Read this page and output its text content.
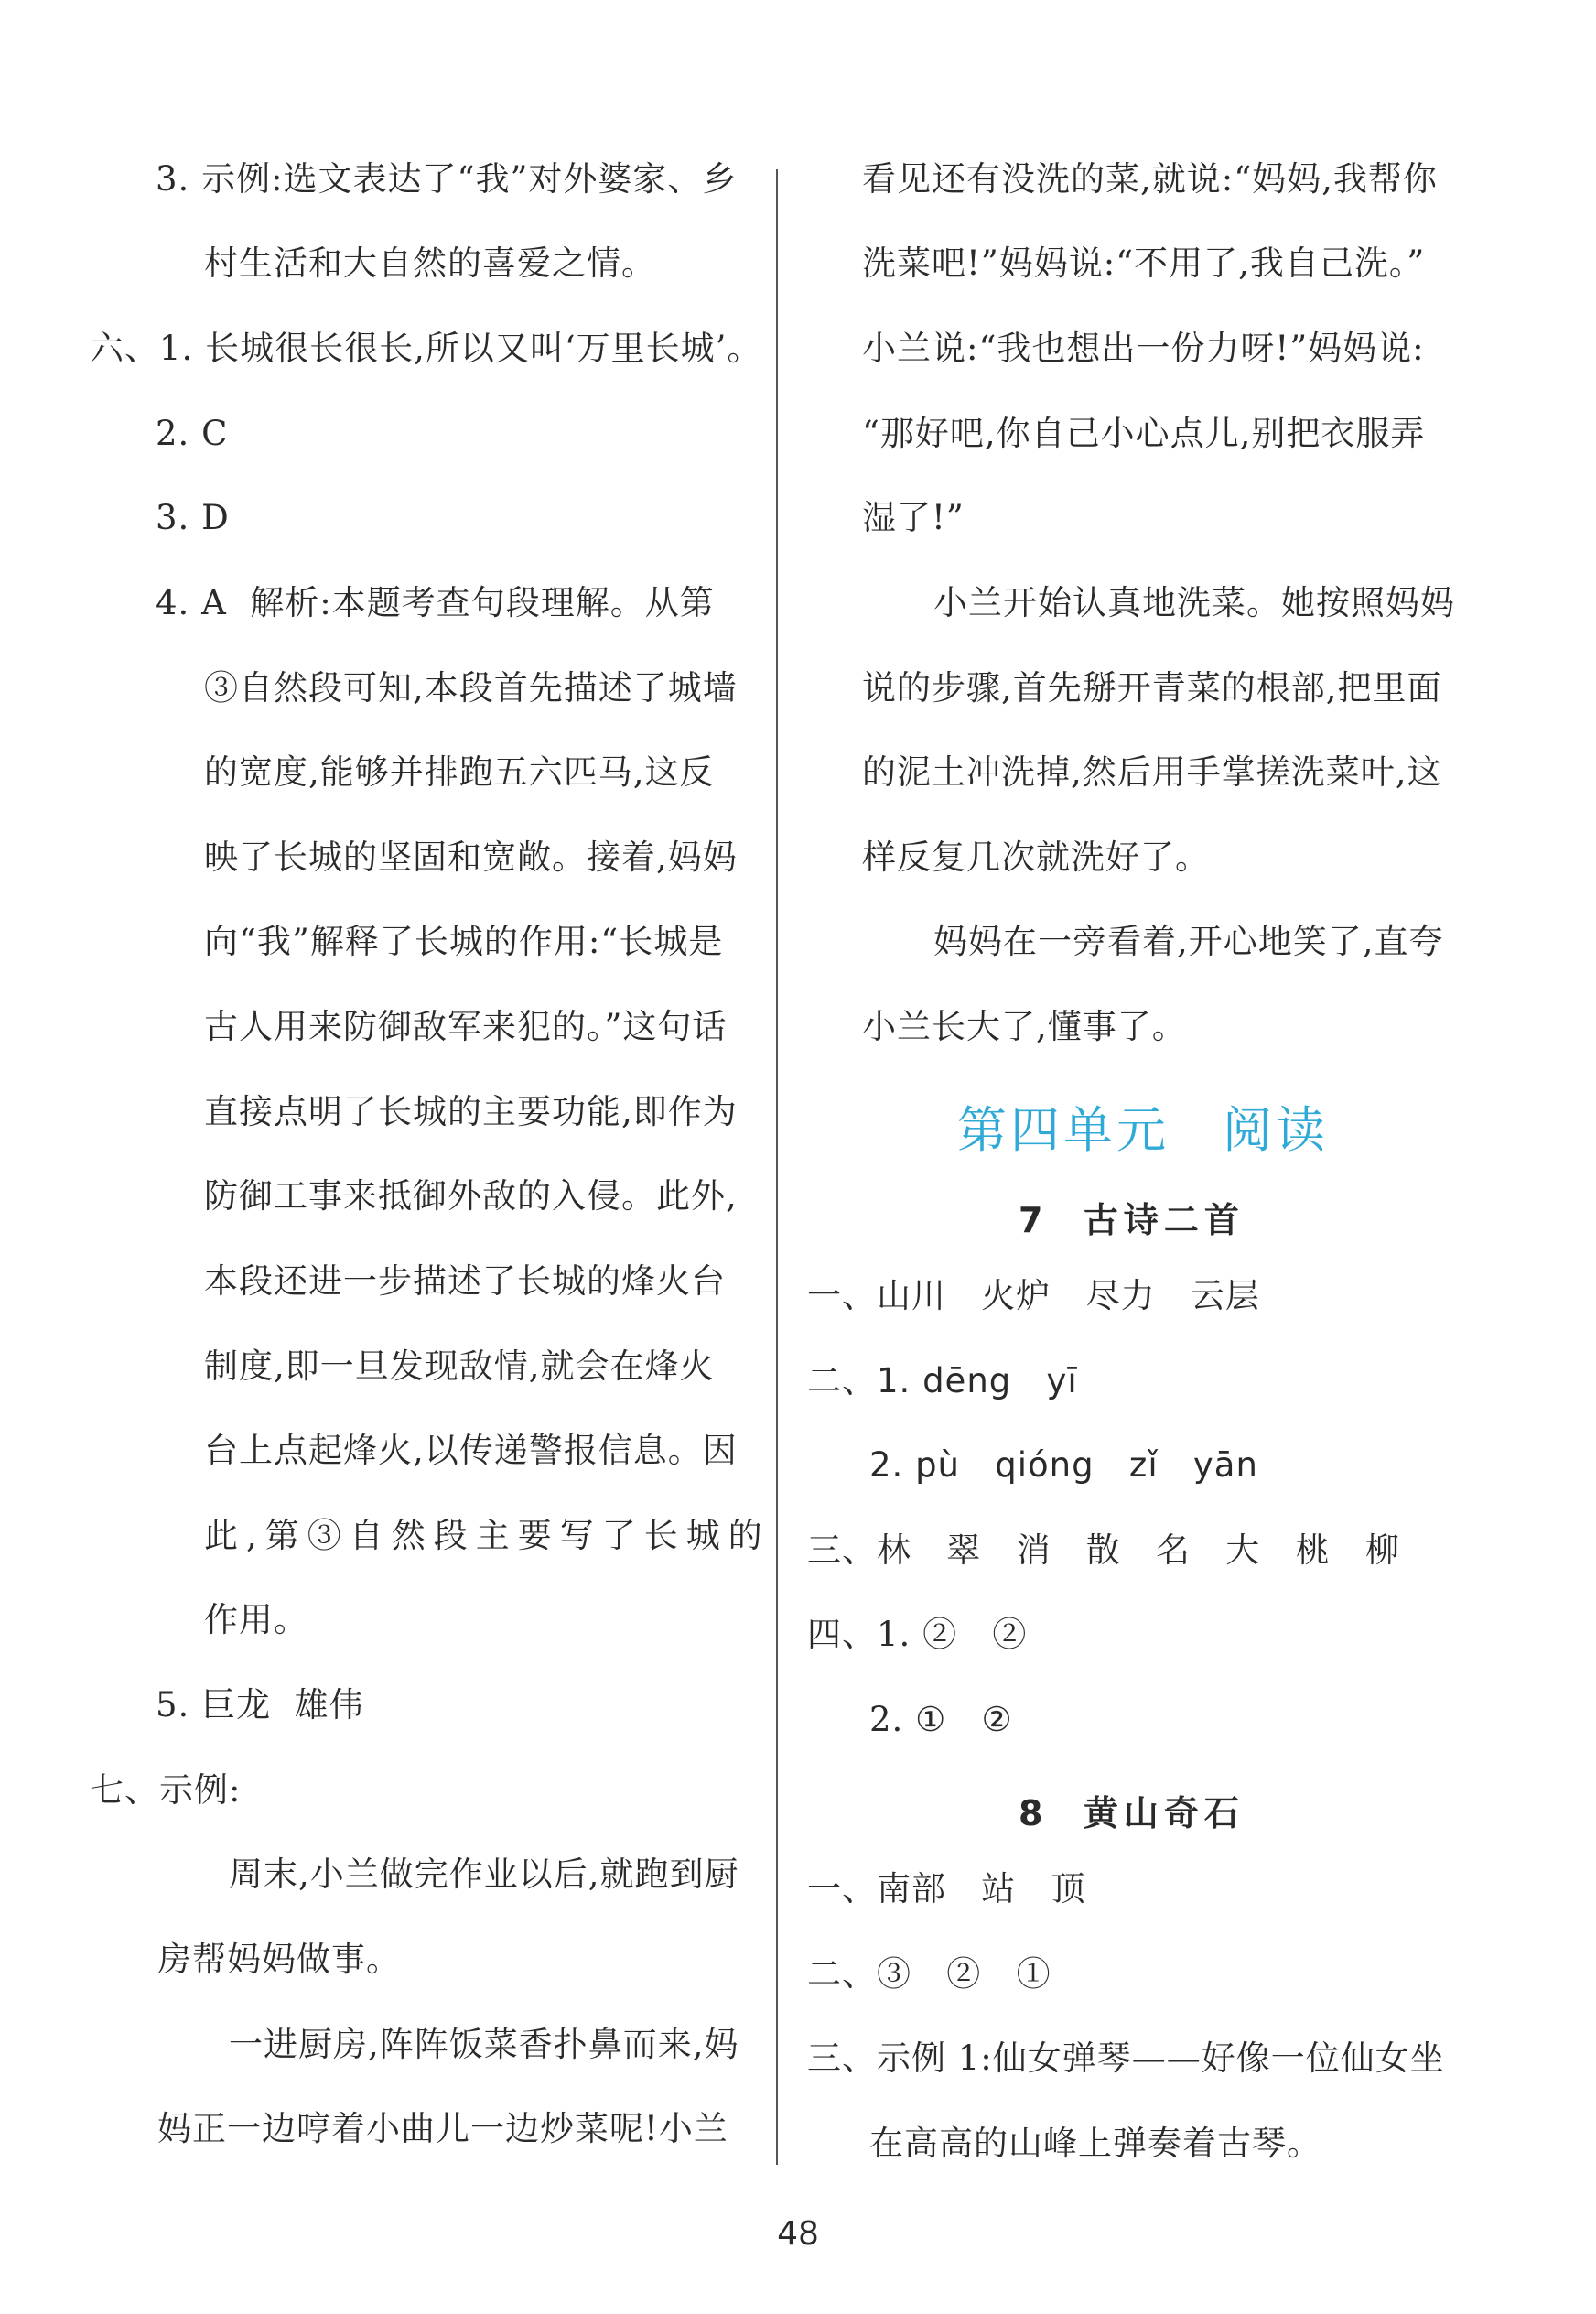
3. 示例:选文表达了“我”对外婆家、乡
村生活和大自然的喜爱之情。
六、1. 长城很长很长,所以又叫‘万里长城’。
2. C
3. D
4. A  解析:本题考查句段理解。从第
③自然段可知,本段首先描述了城墙
的宽度,能够并排跑五六匹马,这反
映了长城的坚固和宽敞。接着,妈妈
向“我”解释了长城的作用:“长城是
古人用来防御敌军来犯的。”这句话
直接点明了长城的主要功能,即作为
防御工事来抵御外敌的入侵。此外,
本段还进一步描述了长城的烽火台
制度,即一旦发现敌情,就会在烽火
台上点起烽火,以传递警报信息。因
此,第③自然段主要写了长城的
作用。
5. 巨龙  雄伟
七、示例:
周末,小兰做完作业以后,就跑到厨
房帮妈妈做事。
一进厨房,阵阵饭菜香扑鼻而来,妈
妈正一边哼着小曲儿一边炒菜呢!小兰
看见还有没洗的菜,就说:“妈妈,我帮你
洗菜吧!”妈妈说:“不用了,我自己洗。”
小兰说:“我也想出一份力呀!”妈妈说:
“那好吧,你自己小心点儿,别把衣服弄
湿了!”
小兰开始认真地洗菜。她按照妈妈
说的步骤,首先掰开青菜的根部,把里面
的泥土冲洗掉,然后用手掌搓洗菜叶,这
样反复几次就洗好了。
妈妈在一旁看着,开心地笑了,直夸
小兰长大了,懂事了。
第四单元　阅读
7  古诗二首
一、山川   火炉   尽力   云层
二、1. dēng   yī
2. pù   qióng   zǐ   yān
三、林   翠   消   散   名   大   桃   柳
四、1. ②   ②
2. ①   ②
8  黄山奇石
一、南部   站   顶
二、③   ②   ①
三、示例 1:仙女弹琴——好像一位仙女坐
在高高的山峰上弹奏着古琴。
48
